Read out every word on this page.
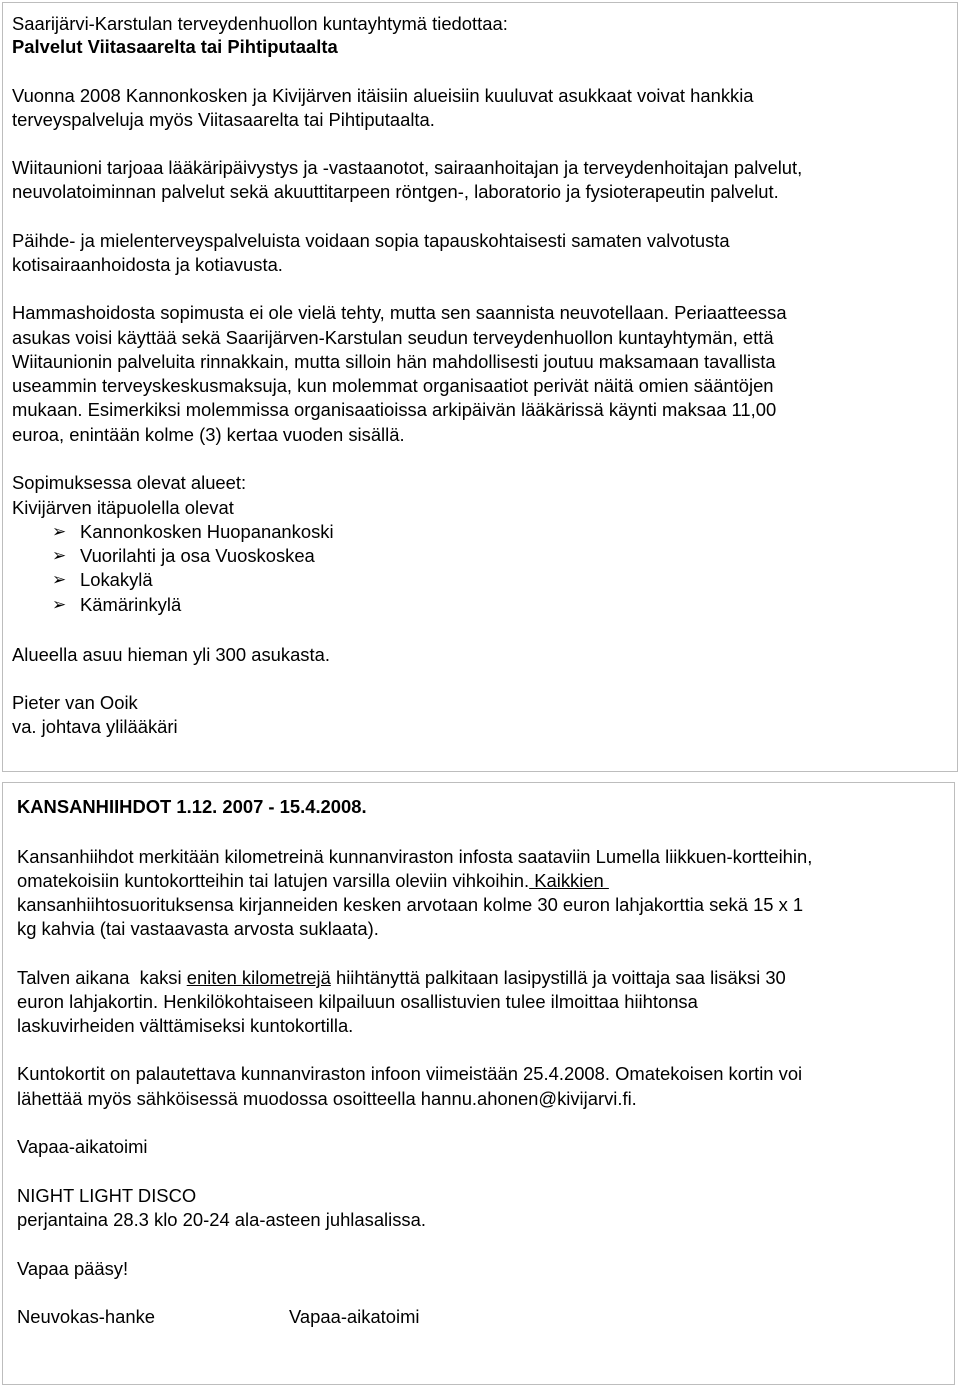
Saarijärvi-Karstulan terveydenhuollon kuntayhtymä tiedottaa:
Palvelut Viitasaarelta tai Pihtiputaalta
Vuonna 2008 Kannonkosken ja Kivijärven itäisiin alueisiin kuuluvat asukkaat voivat hankkia
terveyspalveluja myös Viitasaarelta tai Pihtiputaalta.
Wiitaunioni tarjoaa lääkäripäivystys ja -vastaanotot, sairaanhoitajan ja terveydenhoitajan palvelut,
neuvolatoiminnan palvelut sekä akuuttitarpeen röntgen-, laboratorio ja fysioterapeutin palvelut.
Päihde- ja mielenterveyspalveluista voidaan sopia tapauskohtaisesti samaten valvotusta
kotisairaanhoidosta ja kotiavusta.
Hammashoidosta sopimusta ei ole vielä tehty, mutta sen saannista neuvotellaan. Periaatteessa
asukas voisi käyttää sekä Saarijärven-Karstulan seudun terveydenhuollon kuntayhtymän, että
Wiitaunionin palveluita rinnakkain, mutta silloin hän mahdollisesti joutuu maksamaan tavallista
useammin terveyskeskusmaksuja, kun molemmat organisaatiot perivät näitä omien sääntöjen
mukaan. Esimerkiksi molemmissa organisaatioissa arkipäivän lääkärissä käynti maksaa 11,00
euroa, enintään kolme (3) kertaa vuoden sisällä.
Sopimuksessa olevat alueet:
Kivijärven itäpuolella olevat
➢ Kannonkosken Huopanankoski
➢ Vuorilahti ja osa Vuoskoskea
➢ Lokakylä
➢ Kämärinkylä
Alueella asuu hieman yli 300 asukasta.
Pieter van Ooik
va. johtava ylilääkäri
KANSANHIIHDOT 1.12. 2007 - 15.4.2008.
Kansanhiihdot merkitään kilometreinä kunnanviraston infosta saataviin Lumella liikkuen-kortteihin,
omatekoisiin kuntokortteihin tai latujen varsilla oleviin vihkoihin. Kaikkien
kansanhiihtosuorituksensa kirjanneiden kesken arvotaan kolme 30 euron lahjakorttia sekä 15 x 1
kg kahvia (tai vastaavasta arvosta suklaata).
Talven aikana  kaksi eniten kilometrejä hiihtänyttä palkitaan lasipystillä ja voittaja saa lisäksi 30
euron lahjakortin. Henkilökohtaiseen kilpailuun osallistuvien tulee ilmoittaa hiihtonsa
laskuvirheiden välttämiseksi kuntokortilla.
Kuntokortit on palautettava kunnanviraston infoon viimeistään 25.4.2008. Omatekoisen kortin voi
lähettää myös sähköisessä muodossa osoitteella hannu.ahonen@kivijarvi.fi.
Vapaa-aikatoimi
NIGHT LIGHT DISCO
perjantaina 28.3 klo 20-24 ala-asteen juhlasalissa.
Vapaa pääsy!
Neuvokas-hanke	Vapaa-aikatoimi
